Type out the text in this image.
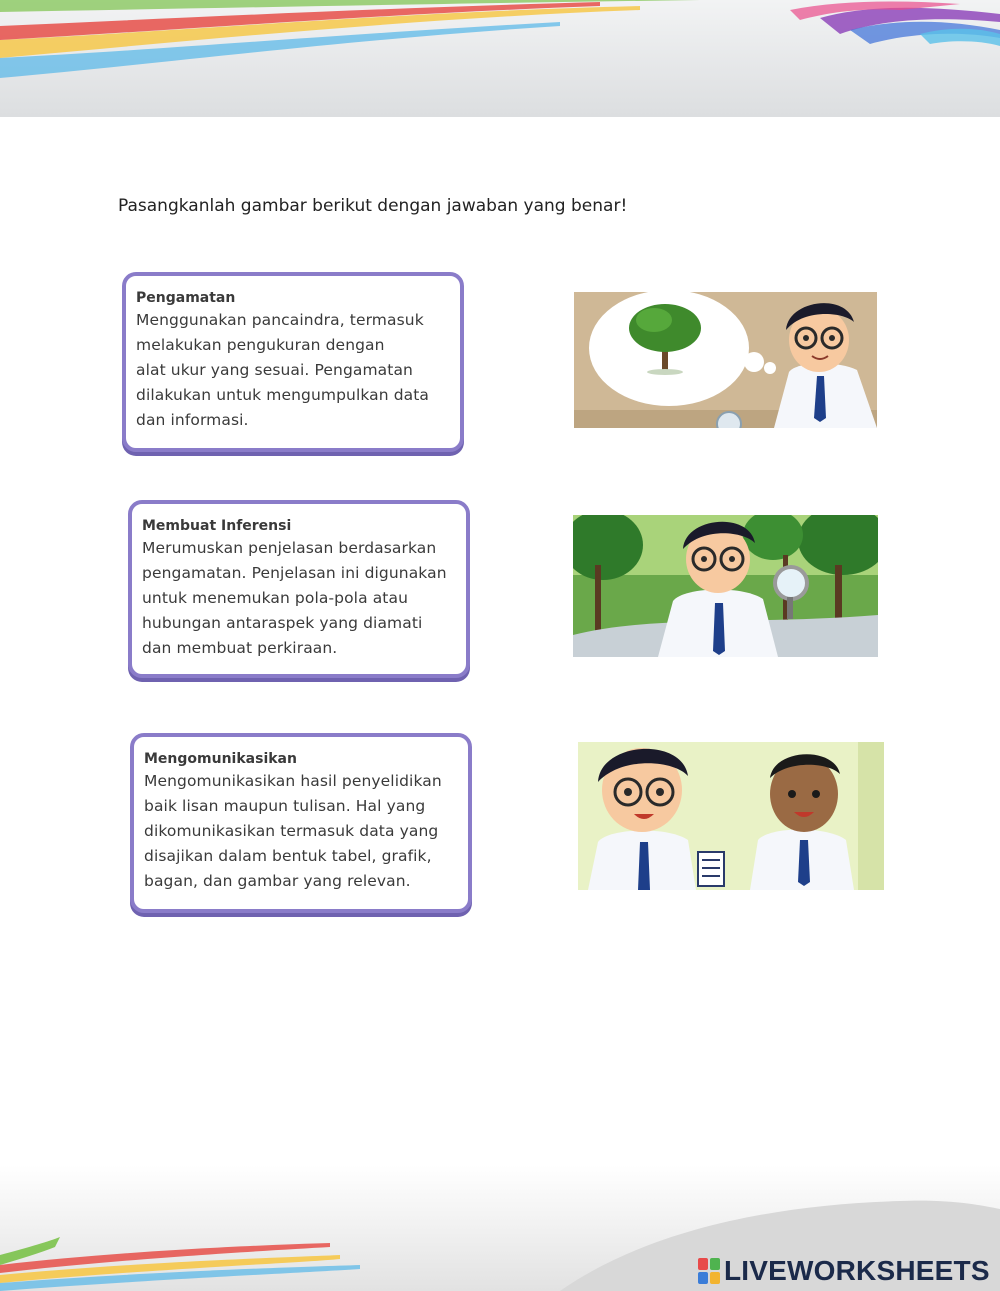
Pasangkanlah gambar berikut dengan jawaban yang benar!
Pengamatan
Menggunakan pancaindra, termasuk
melakukan pengukuran dengan
alat ukur yang sesuai. Pengamatan
dilakukan untuk mengumpulkan data
dan informasi.
Membuat Inferensi
Merumuskan penjelasan berdasarkan
pengamatan. Penjelasan ini digunakan
untuk menemukan pola-pola atau
hubungan antaraspek yang diamati
dan membuat perkiraan.
Mengomunikasikan
Mengomunikasikan hasil penyelidikan
baik lisan maupun tulisan. Hal yang
dikomunikasikan termasuk data yang
disajikan dalam bentuk tabel, grafik,
bagan, dan gambar yang relevan.
LIVEWORKSHEETS
